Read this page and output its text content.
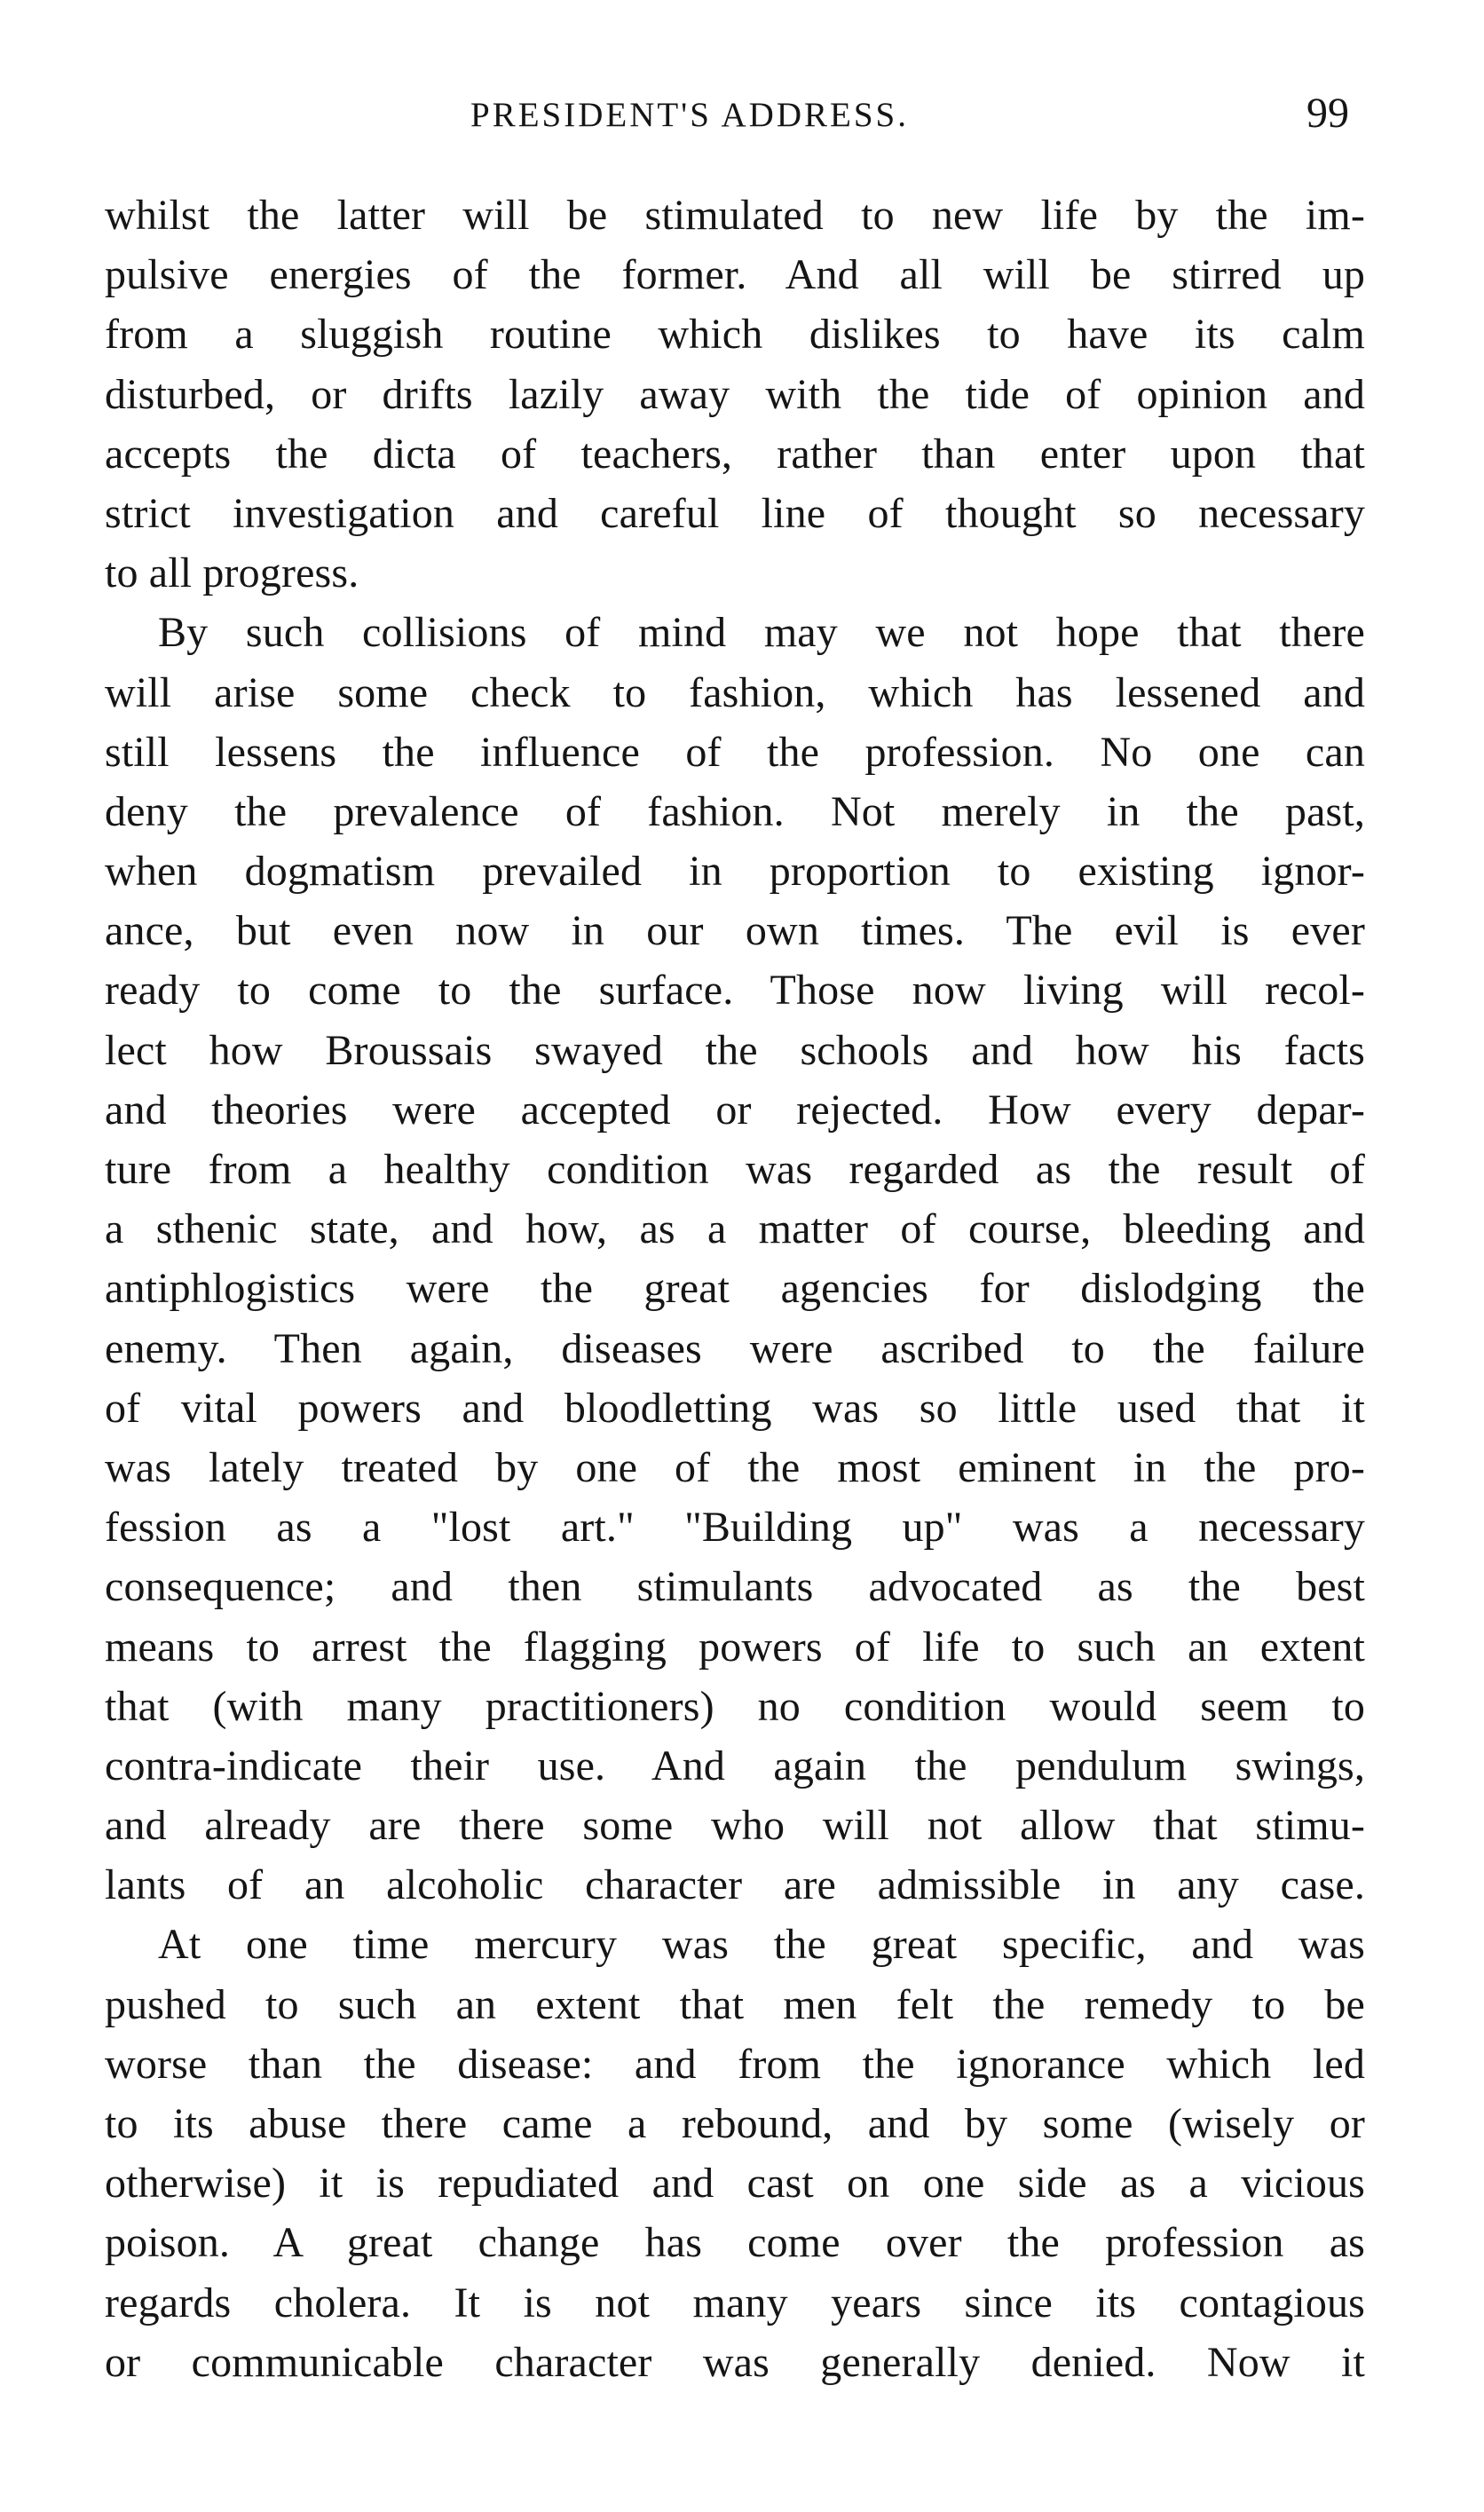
PRESIDENT'S ADDRESS.	99
whilst the latter will be stimulated to new life by the im-
pulsive energies of the former. And all will be stirred up
from a sluggish routine which dislikes to have its calm
disturbed, or drifts lazily away with the tide of opinion and
accepts the dicta of teachers, rather than enter upon that
strict investigation and careful line of thought so necessary
to all progress.
By such collisions of mind may we not hope that there
will arise some check to fashion, which has lessened and
still lessens the influence of the profession. No one can
deny the prevalence of fashion. Not merely in the past,
when dogmatism prevailed in proportion to existing ignor-
ance, but even now in our own times. The evil is ever
ready to come to the surface. Those now living will recol-
lect how Broussais swayed the schools and how his facts
and theories were accepted or rejected. How every depar-
ture from a healthy condition was regarded as the result of
a sthenic state, and how, as a matter of course, bleeding and
antiphlogistics were the great agencies for dislodging the
enemy. Then again, diseases were ascribed to the failure
of vital powers and bloodletting was so little used that it
was lately treated by one of the most eminent in the pro-
fession as a "lost art." "Building up" was a necessary
consequence; and then stimulants advocated as the best
means to arrest the flagging powers of life to such an extent
that (with many practitioners) no condition would seem to
contra-indicate their use. And again the pendulum swings,
and already are there some who will not allow that stimu-
lants of an alcoholic character are admissible in any case.
At one time mercury was the great specific, and was
pushed to such an extent that men felt the remedy to be
worse than the disease: and from the ignorance which led
to its abuse there came a rebound, and by some (wisely or
otherwise) it is repudiated and cast on one side as a vicious
poison. A great change has come over the profession as
regards cholera. It is not many years since its contagious
or communicable character was generally denied. Now it
